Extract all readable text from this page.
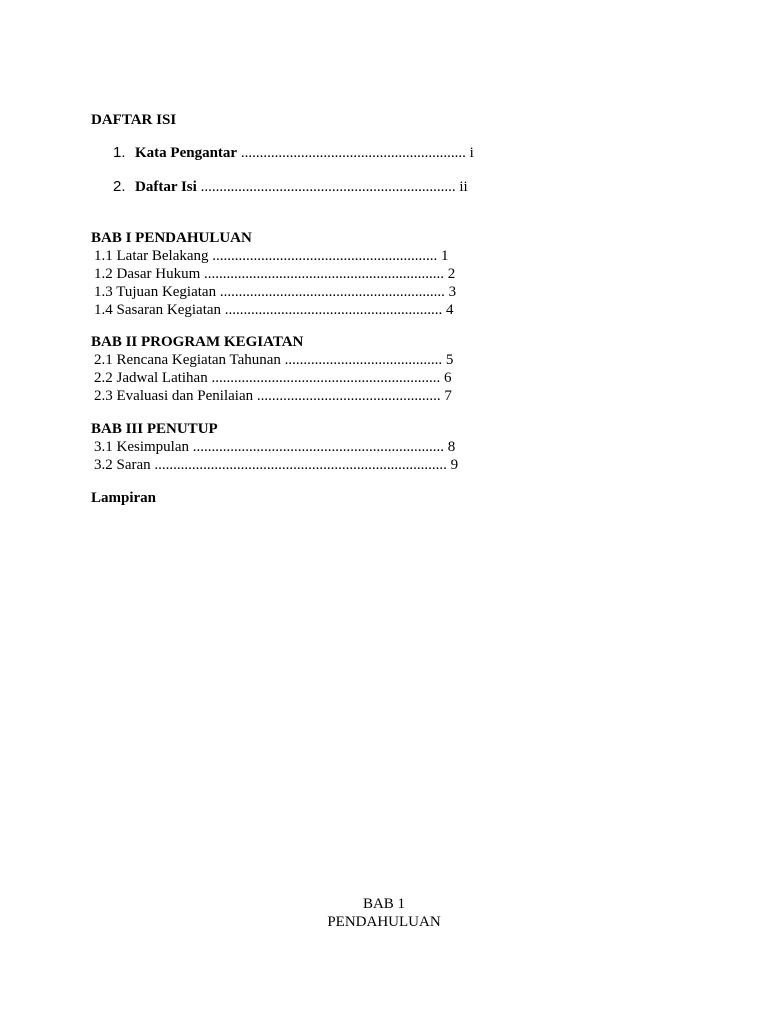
DAFTAR ISI
1. Kata Pengantar ............................................................ i
2. Daftar Isi .................................................................... ii
BAB I PENDAHULUAN
1.1 Latar Belakang ............................................................ 1
1.2 Dasar Hukum ................................................................ 2
1.3 Tujuan Kegiatan ............................................................ 3
1.4 Sasaran Kegiatan .......................................................... 4
BAB II PROGRAM KEGIATAN
2.1 Rencana Kegiatan Tahunan .......................................... 5
2.2 Jadwal Latihan ............................................................. 6
2.3 Evaluasi dan Penilaian ................................................. 7
BAB III PENUTUP
3.1 Kesimpulan ................................................................... 8
3.2 Saran .............................................................................. 9
Lampiran
BAB 1
PENDAHULUAN
